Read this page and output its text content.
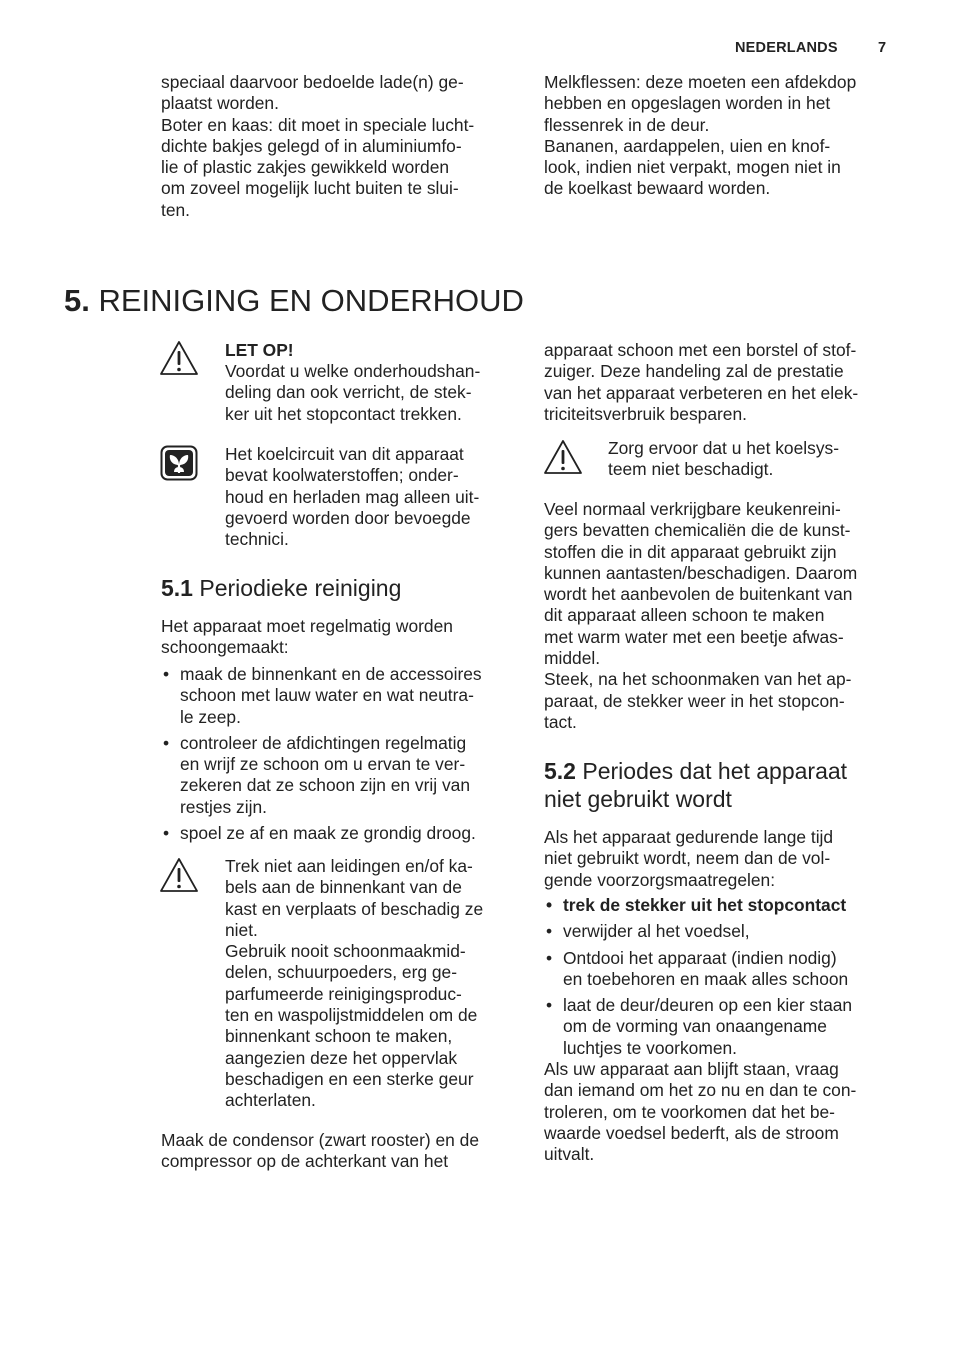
NEDERLANDS	7
speciaal daarvoor bedoelde lade(n) ge-
plaatst worden.
Boter en kaas: dit moet in speciale lucht-
dichte bakjes gelegd of in aluminiumfo-
lie of plastic zakjes gewikkeld worden
om zoveel mogelijk lucht buiten te slui-
ten.
Melkflessen: deze moeten een afdekdop
hebben en opgeslagen worden in het
flessenrek in de deur.
Bananen, aardappelen, uien en knof-
look, indien niet verpakt, mogen niet in
de koelkast bewaard worden.
5. REINIGING EN ONDERHOUD
LET OP!
Voordat u welke onderhoudshan-
deling dan ook verricht, de stek-
ker uit het stopcontact trekken.
Het koelcircuit van dit apparaat
bevat koolwaterstoffen; onder-
houd en herladen mag alleen uit-
gevoerd worden door bevoegde
technici.
5.1 Periodieke reiniging
Het apparaat moet regelmatig worden
schoongemaakt:
• maak de binnenkant en de accessoires
schoon met lauw water en wat neutra-
le zeep.
• controleer de afdichtingen regelmatig
en wrijf ze schoon om u ervan te ver-
zekeren dat ze schoon zijn en vrij van
restjes zijn.
• spoel ze af en maak ze grondig droog.
Trek niet aan leidingen en/of ka-
bels aan de binnenkant van de
kast en verplaats of beschadig ze
niet.
Gebruik nooit schoonmaakmid-
delen, schuurpoeders, erg ge-
parfumeerde reinigingsproduc-
ten en waspolijstmiddelen om de
binnenkant schoon te maken,
aangezien deze het oppervlak
beschadigen en een sterke geur
achterlaten.
Maak de condensor (zwart rooster) en de
compressor op de achterkant van het
apparaat schoon met een borstel of stof-
zuiger. Deze handeling zal de prestatie
van het apparaat verbeteren en het elek-
triciteitsverbruik besparen.
Zorg ervoor dat u het koelsys-
teem niet beschadigt.
Veel normaal verkrijgbare keukenreini-
gers bevatten chemicaliën die de kunst-
stoffen die in dit apparaat gebruikt zijn
kunnen aantasten/beschadigen. Daarom
wordt het aanbevolen de buitenkant van
dit apparaat alleen schoon te maken
met warm water met een beetje afwas-
middel.
Steek, na het schoonmaken van het ap-
paraat, de stekker weer in het stopcon-
tact.
5.2 Periodes dat het apparaat
niet gebruikt wordt
Als het apparaat gedurende lange tijd
niet gebruikt wordt, neem dan de vol-
gende voorzorgsmaatregelen:
• trek de stekker uit het stopcontact
• verwijder al het voedsel,
• Ontdooi het apparaat (indien nodig)
en toebehoren en maak alles schoon
• laat de deur/deuren op een kier staan
om de vorming van onaangename
luchtjes te voorkomen.
Als uw apparaat aan blijft staan, vraag
dan iemand om het zo nu en dan te con-
troleren, om te voorkomen dat het be-
waarde voedsel bederft, als de stroom
uitvalt.
